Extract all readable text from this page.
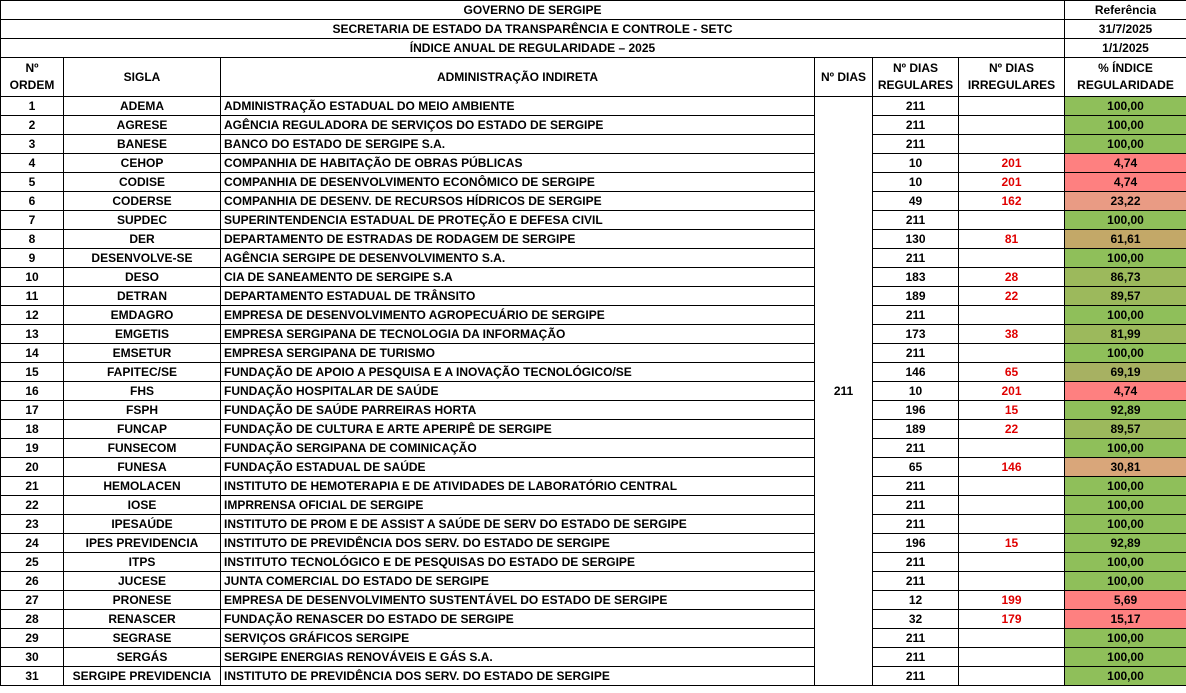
GOVERNO DE SERGIPE						Referência
SECRETARIA DE ESTADO DA TRANSPARÊNCIA E CONTROLE - SETC						31/7/2025
ÍNDICE ANUAL DE REGULARIDADE – 2025						1/1/2025
Nº ORDEM	SIGLA	ADMINISTRAÇÃO INDIRETA	Nº DIAS	Nº DIAS REGULARES	Nº DIAS IRREGULARES	% ÍNDICE REGULARIDADE
1	ADEMA	ADMINISTRAÇÃO ESTADUAL DO MEIO AMBIENTE	211	211		100,00
2	AGRESE	AGÊNCIA REGULADORA DE SERVIÇOS DO ESTADO DE SERGIPE		211		100,00
3	BANESE	BANCO DO ESTADO DE SERGIPE S.A.		211		100,00
4	CEHOP	COMPANHIA DE HABITAÇÃO DE OBRAS PÚBLICAS		10	201	4,74
5	CODISE	COMPANHIA DE DESENVOLVIMENTO ECONÔMICO DE SERGIPE		10	201	4,74
6	CODERSE	COMPANHIA DE DESENV. DE RECURSOS HÍDRICOS DE SERGIPE		49	162	23,22
7	SUPDEC	SUPERINTENDENCIA ESTADUAL DE PROTEÇÃO E DEFESA CIVIL		211		100,00
8	DER	DEPARTAMENTO DE ESTRADAS DE RODAGEM DE SERGIPE		130	81	61,61
9	DESENVOLVE-SE	AGÊNCIA SERGIPE DE DESENVOLVIMENTO S.A.		211		100,00
10	DESO	CIA DE SANEAMENTO DE SERGIPE S.A		183	28	86,73
11	DETRAN	DEPARTAMENTO ESTADUAL DE TRÂNSITO		189	22	89,57
12	EMDAGRO	EMPRESA DE DESENVOLVIMENTO AGROPECUÁRIO DE SERGIPE		211		100,00
13	EMGETIS	EMPRESA SERGIPANA DE TECNOLOGIA DA INFORMAÇÃO		173	38	81,99
14	EMSETUR	EMPRESA SERGIPANA DE TURISMO		211		100,00
15	FAPITEC/SE	FUNDAÇÃO DE APOIO A PESQUISA E A INOVAÇÃO TECNOLÓGICO/SE		146	65	69,19
16	FHS	FUNDAÇÃO HOSPITALAR DE SAÚDE		10	201	4,74
17	FSPH	FUNDAÇÃO DE SAÚDE PARREIRAS HORTA		196	15	92,89
18	FUNCAP	FUNDAÇÃO DE CULTURA E ARTE APERIPÊ DE SERGIPE		189	22	89,57
19	FUNSECOM	FUNDAÇÃO SERGIPANA DE COMINICAÇÃO		211		100,00
20	FUNESA	FUNDAÇÃO ESTADUAL DE SAÚDE		65	146	30,81
21	HEMOLACEN	INSTITUTO DE HEMOTERAPIA E DE ATIVIDADES DE LABORATÓRIO CENTRAL		211		100,00
22	IOSE	IMPRRENSA OFICIAL DE SERGIPE		211		100,00
23	IPESAÚDE	INSTITUTO DE PROM E DE ASSIST A SAÚDE DE SERV DO ESTADO DE SERGIPE		211		100,00
24	IPES PREVIDENCIA	INSTITUTO DE PREVIDÊNCIA DOS SERV. DO ESTADO DE SERGIPE		196	15	92,89
25	ITPS	INSTITUTO TECNOLÓGICO E DE PESQUISAS DO ESTADO DE SERGIPE		211		100,00
26	JUCESE	JUNTA COMERCIAL DO ESTADO DE SERGIPE		211		100,00
27	PRONESE	EMPRESA DE DESENVOLVIMENTO SUSTENTÁVEL DO ESTADO DE SERGIPE		12	199	5,69
28	RENASCER	FUNDAÇÃO RENASCER DO ESTADO DE SERGIPE		32	179	15,17
29	SEGRASE	SERVIÇOS GRÁFICOS SERGIPE		211		100,00
30	SERGÁS	SERGIPE ENERGIAS RENOVÁVEIS E GÁS S.A.		211		100,00
31	SERGIPE PREVIDENCIA	INSTITUTO DE PREVIDÊNCIA DOS SERV. DO ESTADO DE SERGIPE		211		100,00
